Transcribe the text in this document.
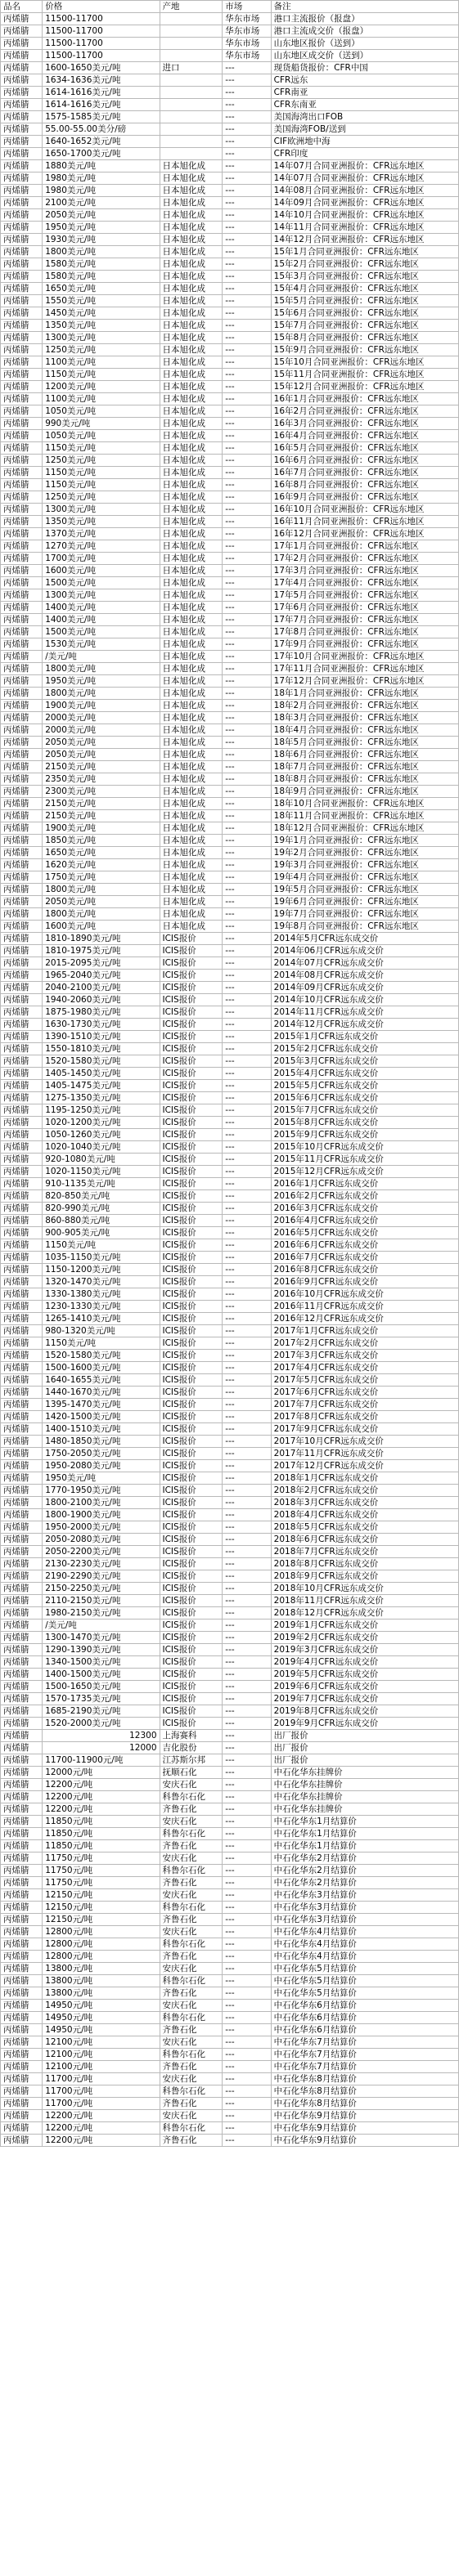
品名	价格	产地	市场	备注
丙烯腈	11500-11700		华东市场	港口主流报价（报盘）
丙烯腈	11500-11700		华东市场	港口主流成交价（报盘）
丙烯腈	11500-11700		华东市场	山东地区报价（送到）
丙烯腈	11500-11700		华东市场	山东地区成交价（送到）
丙烯腈	1600-1650美元/吨	进口	---	现货船货报价：CFR中国
丙烯腈	1634-1636美元/吨		---	CFR远东
丙烯腈	1614-1616美元/吨		---	CFR南亚
丙烯腈	1614-1616美元/吨		---	CFR东南亚
丙烯腈	1575-1585美元/吨		---	美国海湾出口FOB
丙烯腈	55.00-55.00美分/磅		---	美国海湾FOB/送到
丙烯腈	1640-1652美元/吨		---	CIF欧洲地中海
丙烯腈	1650-1700美元/吨		---	CFR印度
丙烯腈	1880美元/吨	日本旭化成	---	14年07月合同亚洲报价：CFR远东地区
丙烯腈	1980美元/吨	日本旭化成	---	14年07月合同亚洲报价：CFR远东地区
丙烯腈	1980美元/吨	日本旭化成	---	14年08月合同亚洲报价：CFR远东地区
丙烯腈	2100美元/吨	日本旭化成	---	14年09月合同亚洲报价：CFR远东地区
丙烯腈	2050美元/吨	日本旭化成	---	14年10月合同亚洲报价：CFR远东地区
丙烯腈	1950美元/吨	日本旭化成	---	14年11月合同亚洲报价：CFR远东地区
丙烯腈	1930美元/吨	日本旭化成	---	14年12月合同亚洲报价：CFR远东地区
丙烯腈	1800美元/吨	日本旭化成	---	15年1月合同亚洲报价：CFR远东地区
丙烯腈	1580美元/吨	日本旭化成	---	15年2月合同亚洲报价：CFR远东地区
丙烯腈	1580美元/吨	日本旭化成	---	15年3月合同亚洲报价：CFR远东地区
丙烯腈	1650美元/吨	日本旭化成	---	15年4月合同亚洲报价：CFR远东地区
丙烯腈	1550美元/吨	日本旭化成	---	15年5月合同亚洲报价：CFR远东地区
丙烯腈	1450美元/吨	日本旭化成	---	15年6月合同亚洲报价：CFR远东地区
丙烯腈	1350美元/吨	日本旭化成	---	15年7月合同亚洲报价：CFR远东地区
丙烯腈	1300美元/吨	日本旭化成	---	15年8月合同亚洲报价：CFR远东地区
丙烯腈	1250美元/吨	日本旭化成	---	15年9月合同亚洲报价：CFR远东地区
丙烯腈	1100美元/吨	日本旭化成	---	15年10月合同亚洲报价：CFR远东地区
丙烯腈	1150美元/吨	日本旭化成	---	15年11月合同亚洲报价：CFR远东地区
丙烯腈	1200美元/吨	日本旭化成	---	15年12月合同亚洲报价：CFR远东地区
丙烯腈	1100美元/吨	日本旭化成	---	16年1月合同亚洲报价：CFR远东地区
丙烯腈	1050美元/吨	日本旭化成	---	16年2月合同亚洲报价：CFR远东地区
丙烯腈	990美元/吨	日本旭化成	---	16年3月合同亚洲报价：CFR远东地区
丙烯腈	1050美元/吨	日本旭化成	---	16年4月合同亚洲报价：CFR远东地区
丙烯腈	1150美元/吨	日本旭化成	---	16年5月合同亚洲报价：CFR远东地区
丙烯腈	1250美元/吨	日本旭化成	---	16年6月合同亚洲报价：CFR远东地区
丙烯腈	1150美元/吨	日本旭化成	---	16年7月合同亚洲报价：CFR远东地区
丙烯腈	1150美元/吨	日本旭化成	---	16年8月合同亚洲报价：CFR远东地区
丙烯腈	1250美元/吨	日本旭化成	---	16年9月合同亚洲报价：CFR远东地区
丙烯腈	1300美元/吨	日本旭化成	---	16年10月合同亚洲报价：CFR远东地区
丙烯腈	1350美元/吨	日本旭化成	---	16年11月合同亚洲报价：CFR远东地区
丙烯腈	1370美元/吨	日本旭化成	---	16年12月合同亚洲报价：CFR远东地区
丙烯腈	1270美元/吨	日本旭化成	---	17年1月合同亚洲报价：CFR远东地区
丙烯腈	1700美元/吨	日本旭化成	---	17年2月合同亚洲报价：CFR远东地区
丙烯腈	1600美元/吨	日本旭化成	---	17年3月合同亚洲报价：CFR远东地区
丙烯腈	1500美元/吨	日本旭化成	---	17年4月合同亚洲报价：CFR远东地区
丙烯腈	1300美元/吨	日本旭化成	---	17年5月合同亚洲报价：CFR远东地区
丙烯腈	1400美元/吨	日本旭化成	---	17年6月合同亚洲报价：CFR远东地区
丙烯腈	1400美元/吨	日本旭化成	---	17年7月合同亚洲报价：CFR远东地区
丙烯腈	1500美元/吨	日本旭化成	---	17年8月合同亚洲报价：CFR远东地区
丙烯腈	1530美元/吨	日本旭化成	---	17年9月合同亚洲报价：CFR远东地区
丙烯腈	/美元/吨	日本旭化成	---	17年10月合同亚洲报价：CFR远东地区
丙烯腈	1800美元/吨	日本旭化成	---	17年11月合同亚洲报价：CFR远东地区
丙烯腈	1950美元/吨	日本旭化成	---	17年12月合同亚洲报价：CFR远东地区
丙烯腈	1800美元/吨	日本旭化成	---	18年1月合同亚洲报价：CFR远东地区
丙烯腈	1900美元/吨	日本旭化成	---	18年2月合同亚洲报价：CFR远东地区
丙烯腈	2000美元/吨	日本旭化成	---	18年3月合同亚洲报价：CFR远东地区
丙烯腈	2000美元/吨	日本旭化成	---	18年4月合同亚洲报价：CFR远东地区
丙烯腈	2050美元/吨	日本旭化成	---	18年5月合同亚洲报价：CFR远东地区
丙烯腈	2050美元/吨	日本旭化成	---	18年6月合同亚洲报价：CFR远东地区
丙烯腈	2150美元/吨	日本旭化成	---	18年7月合同亚洲报价：CFR远东地区
丙烯腈	2350美元/吨	日本旭化成	---	18年8月合同亚洲报价：CFR远东地区
丙烯腈	2300美元/吨	日本旭化成	---	18年9月合同亚洲报价：CFR远东地区
丙烯腈	2150美元/吨	日本旭化成	---	18年10月合同亚洲报价：CFR远东地区
丙烯腈	2150美元/吨	日本旭化成	---	18年11月合同亚洲报价：CFR远东地区
丙烯腈	1900美元/吨	日本旭化成	---	18年12月合同亚洲报价：CFR远东地区
丙烯腈	1850美元/吨	日本旭化成	---	19年1月合同亚洲报价：CFR远东地区
丙烯腈	1650美元/吨	日本旭化成	---	19年2月合同亚洲报价：CFR远东地区
丙烯腈	1620美元/吨	日本旭化成	---	19年3月合同亚洲报价：CFR远东地区
丙烯腈	1750美元/吨	日本旭化成	---	19年4月合同亚洲报价：CFR远东地区
丙烯腈	1800美元/吨	日本旭化成	---	19年5月合同亚洲报价：CFR远东地区
丙烯腈	2050美元/吨	日本旭化成	---	19年6月合同亚洲报价：CFR远东地区
丙烯腈	1800美元/吨	日本旭化成	---	19年7月合同亚洲报价：CFR远东地区
丙烯腈	1600美元/吨	日本旭化成	---	19年8月合同亚洲报价：CFR远东地区
丙烯腈	1810-1890美元/吨	ICIS报价	---	2014年5月CFR远东成交价
丙烯腈	1810-1975美元/吨	ICIS报价	---	2014年06月CFR远东成交价
丙烯腈	2015-2095美元/吨	ICIS报价	---	2014年07月CFR远东成交价
丙烯腈	1965-2040美元/吨	ICIS报价	---	2014年08月CFR远东成交价
丙烯腈	2040-2100美元/吨	ICIS报价	---	2014年09月CFR远东成交价
丙烯腈	1940-2060美元/吨	ICIS报价	---	2014年10月CFR远东成交价
丙烯腈	1875-1980美元/吨	ICIS报价	---	2014年11月CFR远东成交价
丙烯腈	1630-1730美元/吨	ICIS报价	---	2014年12月CFR远东成交价
丙烯腈	1390-1510美元/吨	ICIS报价	---	2015年1月CFR远东成交价
丙烯腈	1550-1810美元/吨	ICIS报价	---	2015年2月CFR远东成交价
丙烯腈	1520-1580美元/吨	ICIS报价	---	2015年3月CFR远东成交价
丙烯腈	1405-1450美元/吨	ICIS报价	---	2015年4月CFR远东成交价
丙烯腈	1405-1475美元/吨	ICIS报价	---	2015年5月CFR远东成交价
丙烯腈	1275-1350美元/吨	ICIS报价	---	2015年6月CFR远东成交价
丙烯腈	1195-1250美元/吨	ICIS报价	---	2015年7月CFR远东成交价
丙烯腈	1020-1200美元/吨	ICIS报价	---	2015年8月CFR远东成交价
丙烯腈	1050-1260美元/吨	ICIS报价	---	2015年9月CFR远东成交价
丙烯腈	1020-1040美元/吨	ICIS报价	---	2015年10月CFR远东成交价
丙烯腈	920-1080美元/吨	ICIS报价	---	2015年11月CFR远东成交价
丙烯腈	1020-1150美元/吨	ICIS报价	---	2015年12月CFR远东成交价
丙烯腈	910-1135美元/吨	ICIS报价	---	2016年1月CFR远东成交价
丙烯腈	820-850美元/吨	ICIS报价	---	2016年2月CFR远东成交价
丙烯腈	820-990美元/吨	ICIS报价	---	2016年3月CFR远东成交价
丙烯腈	860-880美元/吨	ICIS报价	---	2016年4月CFR远东成交价
丙烯腈	900-905美元/吨	ICIS报价	---	2016年5月CFR远东成交价
丙烯腈	1150美元/吨	ICIS报价	---	2016年6月CFR远东成交价
丙烯腈	1035-1150美元/吨	ICIS报价	---	2016年7月CFR远东成交价
丙烯腈	1150-1200美元/吨	ICIS报价	---	2016年8月CFR远东成交价
丙烯腈	1320-1470美元/吨	ICIS报价	---	2016年9月CFR远东成交价
丙烯腈	1330-1380美元/吨	ICIS报价	---	2016年10月CFR远东成交价
丙烯腈	1230-1330美元/吨	ICIS报价	---	2016年11月CFR远东成交价
丙烯腈	1265-1410美元/吨	ICIS报价	---	2016年12月CFR远东成交价
丙烯腈	980-1320美元/吨	ICIS报价	---	2017年1月CFR远东成交价
丙烯腈	1150美元/吨	ICIS报价	---	2017年2月CFR远东成交价
丙烯腈	1520-1580美元/吨	ICIS报价	---	2017年3月CFR远东成交价
丙烯腈	1500-1600美元/吨	ICIS报价	---	2017年4月CFR远东成交价
丙烯腈	1640-1655美元/吨	ICIS报价	---	2017年5月CFR远东成交价
丙烯腈	1440-1670美元/吨	ICIS报价	---	2017年6月CFR远东成交价
丙烯腈	1395-1470美元/吨	ICIS报价	---	2017年7月CFR远东成交价
丙烯腈	1420-1500美元/吨	ICIS报价	---	2017年8月CFR远东成交价
丙烯腈	1400-1510美元/吨	ICIS报价	---	2017年9月CFR远东成交价
丙烯腈	1480-1850美元/吨	ICIS报价	---	2017年10月CFR远东成交价
丙烯腈	1750-2050美元/吨	ICIS报价	---	2017年11月CFR远东成交价
丙烯腈	1950-2080美元/吨	ICIS报价	---	2017年12月CFR远东成交价
丙烯腈	1950美元/吨	ICIS报价	---	2018年1月CFR远东成交价
丙烯腈	1770-1950美元/吨	ICIS报价	---	2018年2月CFR远东成交价
丙烯腈	1800-2100美元/吨	ICIS报价	---	2018年3月CFR远东成交价
丙烯腈	1800-1900美元/吨	ICIS报价	---	2018年4月CFR远东成交价
丙烯腈	1950-2000美元/吨	ICIS报价	---	2018年5月CFR远东成交价
丙烯腈	2050-2080美元/吨	ICIS报价	---	2018年6月CFR远东成交价
丙烯腈	2050-2200美元/吨	ICIS报价	---	2018年7月CFR远东成交价
丙烯腈	2130-2230美元/吨	ICIS报价	---	2018年8月CFR远东成交价
丙烯腈	2190-2290美元/吨	ICIS报价	---	2018年9月CFR远东成交价
丙烯腈	2150-2250美元/吨	ICIS报价	---	2018年10月CFR远东成交价
丙烯腈	2110-2150美元/吨	ICIS报价	---	2018年11月CFR远东成交价
丙烯腈	1980-2150美元/吨	ICIS报价	---	2018年12月CFR远东成交价
丙烯腈	/美元/吨	ICIS报价	---	2019年1月CFR远东成交价
丙烯腈	1300-1470美元/吨	ICIS报价	---	2019年2月CFR远东成交价
丙烯腈	1290-1390美元/吨	ICIS报价	---	2019年3月CFR远东成交价
丙烯腈	1340-1500美元/吨	ICIS报价	---	2019年4月CFR远东成交价
丙烯腈	1400-1500美元/吨	ICIS报价	---	2019年5月CFR远东成交价
丙烯腈	1500-1650美元/吨	ICIS报价	---	2019年6月CFR远东成交价
丙烯腈	1570-1735美元/吨	ICIS报价	---	2019年7月CFR远东成交价
丙烯腈	1685-2190美元/吨	ICIS报价	---	2019年8月CFR远东成交价
丙烯腈	1520-2000美元/吨	ICIS报价	---	2019年9月CFR远东成交价
丙烯腈	12300	上海赛科	---	出厂报价
丙烯腈	12000	吉化股份	---	出厂报价
丙烯腈	11700-11900元/吨	江苏斯尔邦	---	出厂报价
丙烯腈	12000元/吨	抚顺石化	---	中石化华东挂牌价
丙烯腈	12200元/吨	安庆石化	---	中石化华东挂牌价
丙烯腈	12200元/吨	科鲁尔石化	---	中石化华东挂牌价
丙烯腈	12200元/吨	齐鲁石化	---	中石化华东挂牌价
丙烯腈	11850元/吨	安庆石化	---	中石化华东1月结算价
丙烯腈	11850元/吨	科鲁尔石化	---	中石化华东1月结算价
丙烯腈	11850元/吨	齐鲁石化	---	中石化华东1月结算价
丙烯腈	11750元/吨	安庆石化	---	中石化华东2月结算价
丙烯腈	11750元/吨	科鲁尔石化	---	中石化华东2月结算价
丙烯腈	11750元/吨	齐鲁石化	---	中石化华东2月结算价
丙烯腈	12150元/吨	安庆石化	---	中石化华东3月结算价
丙烯腈	12150元/吨	科鲁尔石化	---	中石化华东3月结算价
丙烯腈	12150元/吨	齐鲁石化	---	中石化华东3月结算价
丙烯腈	12800元/吨	安庆石化	---	中石化华东4月结算价
丙烯腈	12800元/吨	科鲁尔石化	---	中石化华东4月结算价
丙烯腈	12800元/吨	齐鲁石化	---	中石化华东4月结算价
丙烯腈	13800元/吨	安庆石化	---	中石化华东5月结算价
丙烯腈	13800元/吨	科鲁尔石化	---	中石化华东5月结算价
丙烯腈	13800元/吨	齐鲁石化	---	中石化华东5月结算价
丙烯腈	14950元/吨	安庆石化	---	中石化华东6月结算价
丙烯腈	14950元/吨	科鲁尔石化	---	中石化华东6月结算价
丙烯腈	14950元/吨	齐鲁石化	---	中石化华东6月结算价
丙烯腈	12100元/吨	安庆石化	---	中石化华东7月结算价
丙烯腈	12100元/吨	科鲁尔石化	---	中石化华东7月结算价
丙烯腈	12100元/吨	齐鲁石化	---	中石化华东7月结算价
丙烯腈	11700元/吨	安庆石化	---	中石化华东8月结算价
丙烯腈	11700元/吨	科鲁尔石化	---	中石化华东8月结算价
丙烯腈	11700元/吨	齐鲁石化	---	中石化华东8月结算价
丙烯腈	12200元/吨	安庆石化	---	中石化华东9月结算价
丙烯腈	12200元/吨	科鲁尔石化	---	中石化华东9月结算价
丙烯腈	12200元/吨	齐鲁石化	---	中石化华东9月结算价
